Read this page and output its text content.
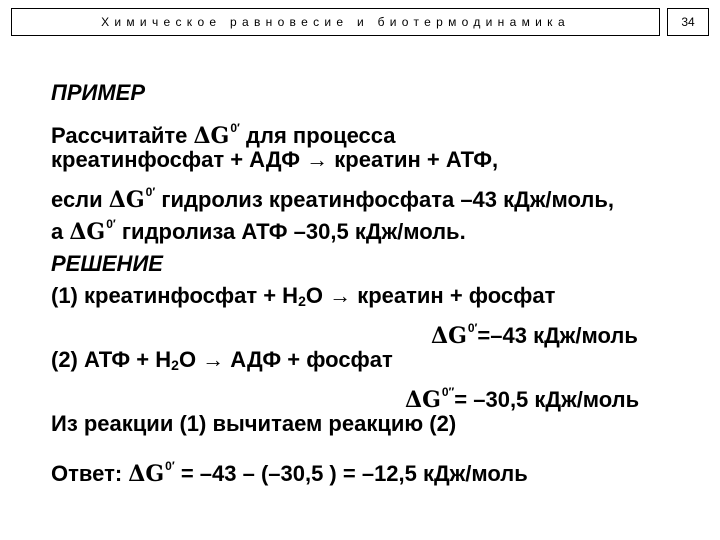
Химическое равновесие и биотермодинамика	34
ПРИМЕР
Рассчитайте $\Delta G^{0'}$ для процесса
креатинфосфат + АДФ → креатин + АТФ,
если $\Delta G^{0'}$ гидролиз креатинфосфата –43 кДж/моль,
а $\Delta G^{0'}$ гидролиза АТФ –30,5 кДж/моль.
РЕШЕНИЕ
(1) креатинфосфат + $Н_2О$ → креатин + фосфат
$\Delta G^{0'}=-43$ кДж/моль
(2) АТФ + $Н_2О$ → АДФ + фосфат
$\Delta G^{0''}= -30,5$ кДж/моль
Из реакции (1) вычитаем реакцию (2)
Ответ: $\Delta G^{0'} = -43 - (-30,5$ ) = –12,5 кДж/моль
